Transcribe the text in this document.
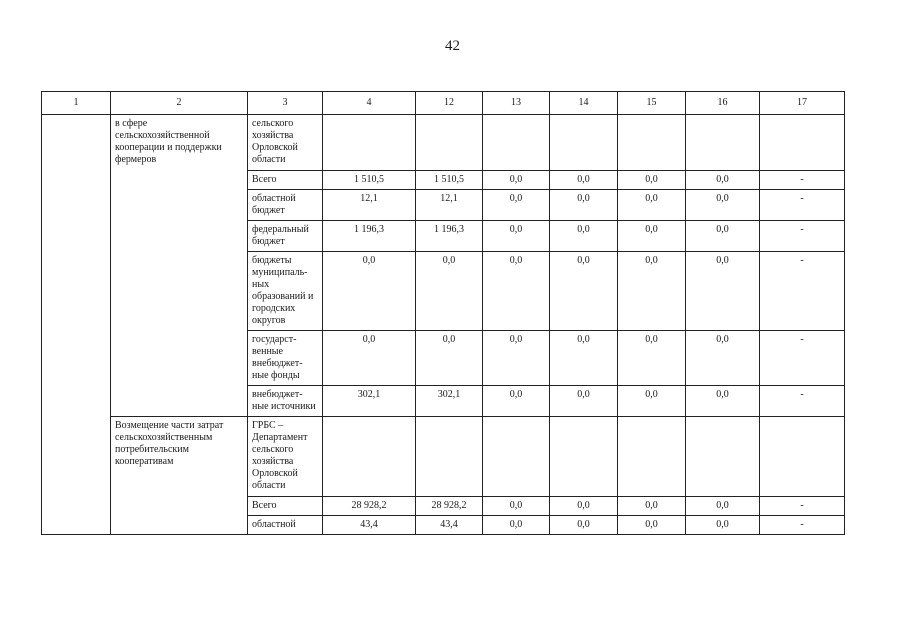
42
1	2	3	4	12	13	14	15	16	17
	в сфере сельскохозяйственной кооперации и поддержки фермеров	сельского хозяйства Орловской области							
		Всего	1 510,5	1 510,5	0,0	0,0	0,0	0,0	-
		областной бюджет	12,1	12,1	0,0	0,0	0,0	0,0	-
		федеральный бюджет	1 196,3	1 196,3	0,0	0,0	0,0	0,0	-
		бюджеты муниципаль-ных образований и городских округов	0,0	0,0	0,0	0,0	0,0	0,0	-
		государст-венные внебюджет-ные фонды	0,0	0,0	0,0	0,0	0,0	0,0	-
		внебюджет-ные источники	302,1	302,1	0,0	0,0	0,0	0,0	-
	Возмещение части затрат сельскохозяйственным потребительским кооперативам	ГРБС – Департамент сельского хозяйства Орловской области							
		Всего	28 928,2	28 928,2	0,0	0,0	0,0	0,0	-
		областной	43,4	43,4	0,0	0,0	0,0	0,0	-
